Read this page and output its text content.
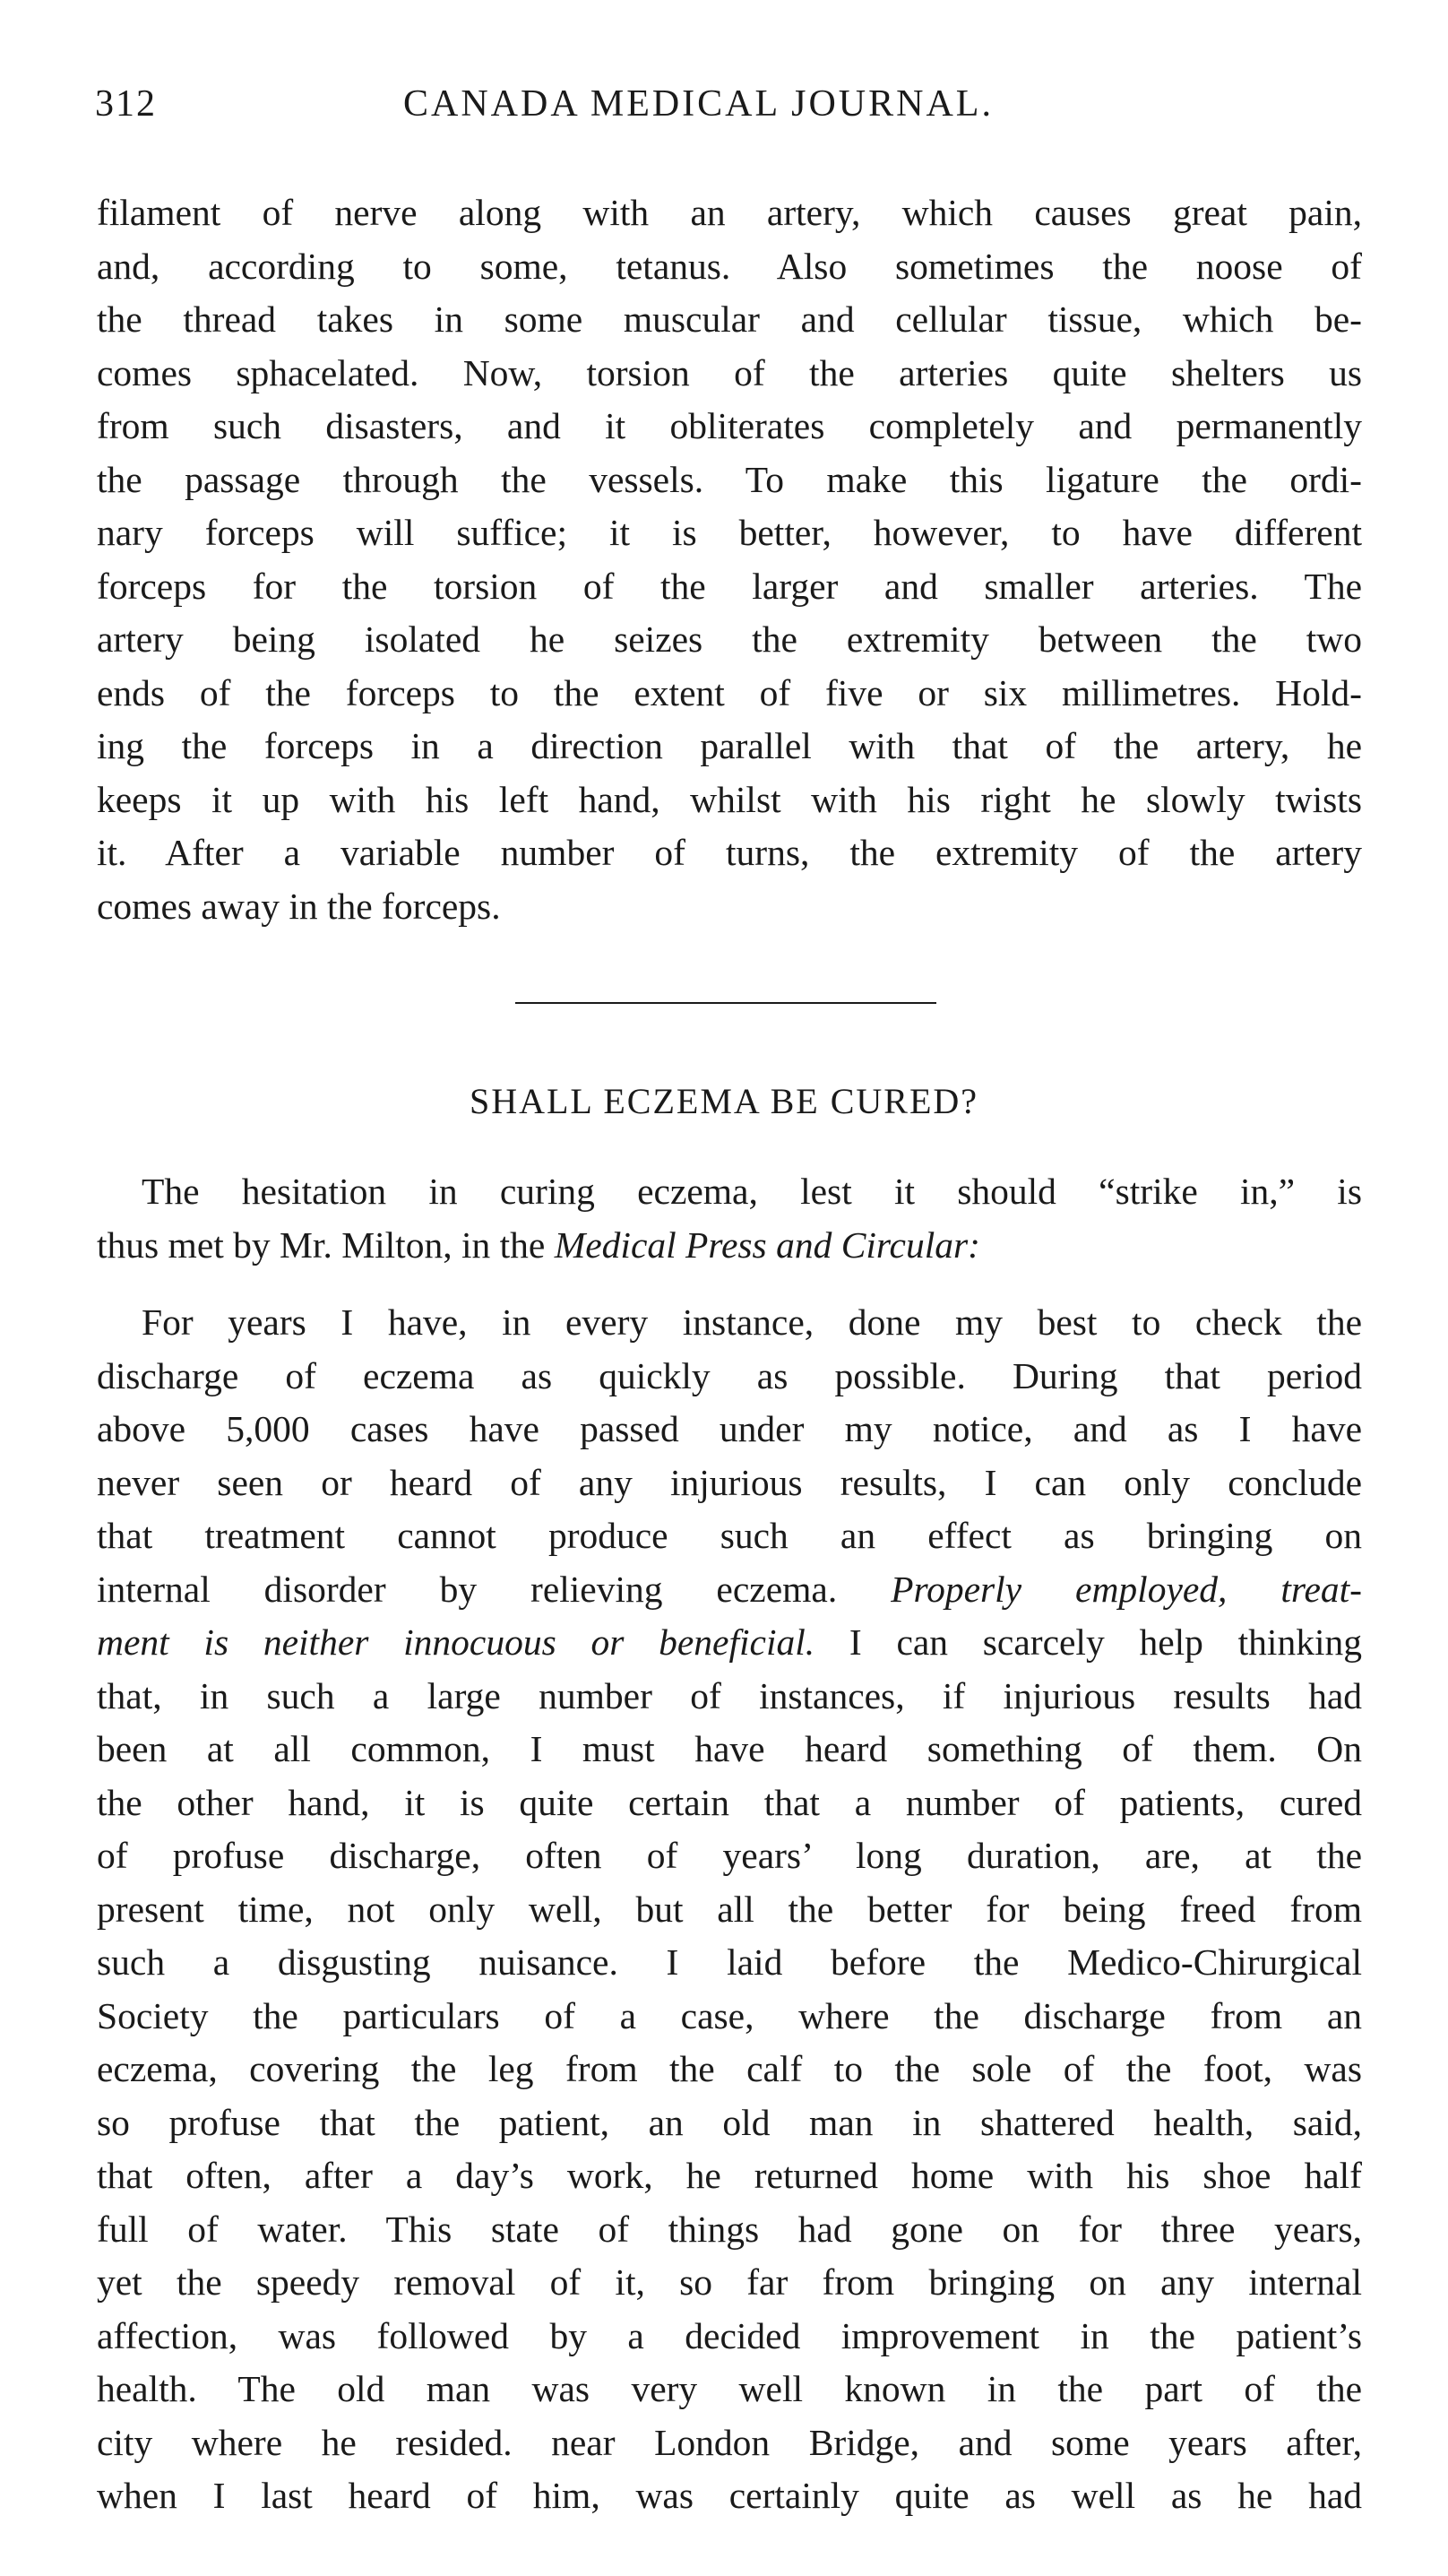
312	CANADA MEDICAL JOURNAL.
filament of nerve along with an artery, which causes great pain,
and, according to some, tetanus. Also sometimes the noose of
the thread takes in some muscular and cellular tissue, which be-
comes sphacelated. Now, torsion of the arteries quite shelters us
from such disasters, and it obliterates completely and permanently
the passage through the vessels. To make this ligature the ordi-
nary forceps will suffice; it is better, however, to have different
forceps for the torsion of the larger and smaller arteries. The
artery being isolated he seizes the extremity between the two
ends of the forceps to the extent of five or six millimetres. Hold-
ing the forceps in a direction parallel with that of the artery, he
keeps it up with his left hand, whilst with his right he slowly twists
it. After a variable number of turns, the extremity of the artery
comes away in the forceps.
SHALL ECZEMA BE CURED?
The hesitation in curing eczema, lest it should “strike in,” is
thus met by Mr. Milton, in the Medical Press and Circular:
For years I have, in every instance, done my best to check the
discharge of eczema as quickly as possible. During that period
above 5,000 cases have passed under my notice, and as I have
never seen or heard of any injurious results, I can only conclude
that treatment cannot produce such an effect as bringing on
internal disorder by relieving eczema. Properly employed, treat-
ment is neither innocuous or beneficial. I can scarcely help thinking
that, in such a large number of instances, if injurious results had
been at all common, I must have heard something of them. On
the other hand, it is quite certain that a number of patients, cured
of profuse discharge, often of years’ long duration, are, at the
present time, not only well, but all the better for being freed from
such a disgusting nuisance. I laid before the Medico-Chirurgical
Society the particulars of a case, where the discharge from an
eczema, covering the leg from the calf to the sole of the foot, was
so profuse that the patient, an old man in shattered health, said,
that often, after a day’s work, he returned home with his shoe half
full of water. This state of things had gone on for three years,
yet the speedy removal of it, so far from bringing on any internal
affection, was followed by a decided improvement in the patient’s
health. The old man was very well known in the part of the
city where he resided. near London Bridge, and some years after,
when I last heard of him, was certainly quite as well as he had
